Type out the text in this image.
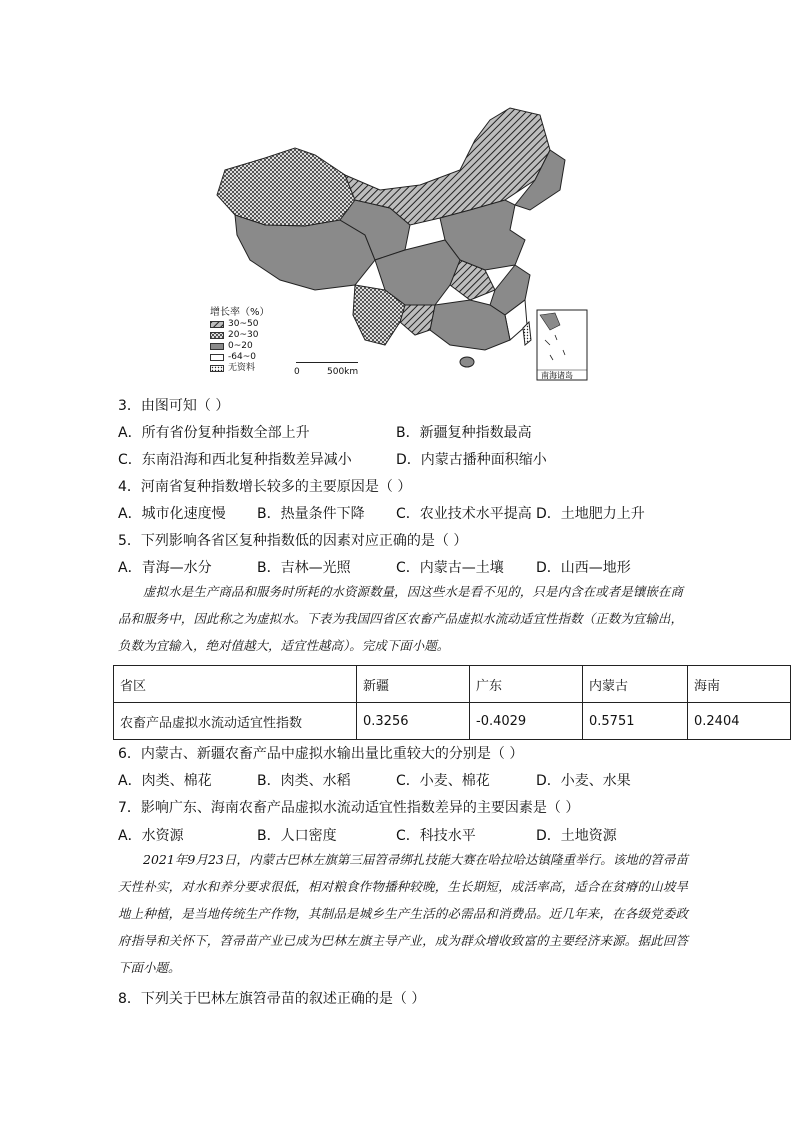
南海诸岛
增长率（%）
30~50
20~30
0~20
-64~0
无资料	0	500km
3．由图可知（ ）
A．所有省份复种指数全部上升	B．新疆复种指数最高
C．东南沿海和西北复种指数差异减小	D．内蒙古播种面积缩小
4．河南省复种指数增长较多的主要原因是（ ）
A．城市化速度慢 B．热量条件下降 C．农业技术水平提高 D．土地肥力上升
5．下列影响各省区复种指数低的因素对应正确的是（ ）
A．青海—水分	B．吉林—光照	C．内蒙古—土壤 D．山西—地形

虚拟水是生产商品和服务时所耗的水资源数量，因这些水是看不见的，只是内含在或者是镶嵌在商品和服务中，因此称之为虚拟水。下表为我国四省区农畜产品虚拟水流动适宜性指数（正数为宜输出，负数为宜输入，绝对值越大，适宜性越高）。完成下面小题。

省区	新疆	广东	内蒙古	海南
农畜产品虚拟水流动适宜性指数	0.3256	-0.4029	0.5751	0.2404
6．内蒙古、新疆农畜产品中虚拟水输出量比重较大的分别是（ ）
A．肉类、棉花	B．肉类、水稻	C．小麦、棉花	D．小麦、水果
7．影响广东、海南农畜产品虚拟水流动适宜性指数差异的主要因素是（ ）
A．水资源	B．人口密度	C．科技水平	D．土地资源

2021年9月23日，内蒙古巴林左旗第三届笤帚绑扎技能大赛在哈拉哈达镇隆重举行。该地的笤帚苗天性朴实，对水和养分要求很低，相对粮食作物播种较晚，生长期短，成活率高，适合在贫瘠的山坡旱地上种植，是当地传统生产作物，其制品是城乡生产生活的必需品和消费品。近几年来，在各级党委政府指导和关怀下，笤帚苗产业已成为巴林左旗主导产业，成为群众增收致富的主要经济来源。据此回答下面小题。

8．下列关于巴林左旗笤帚苗的叙述正确的是（ ）
